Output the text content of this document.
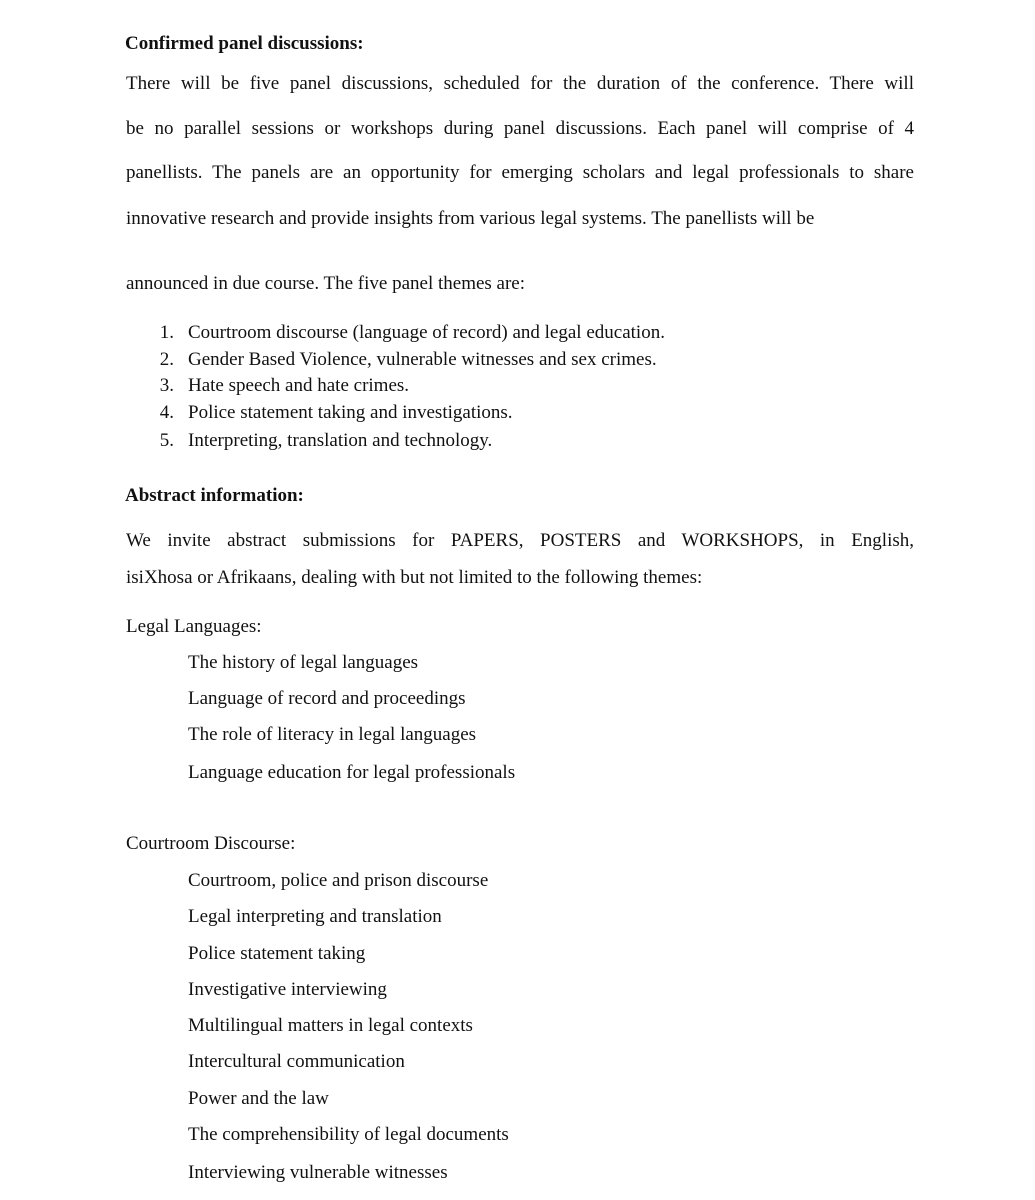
Confirmed panel discussions:
There will be five panel discussions, scheduled for the duration of the conference. There will
be no parallel sessions or workshops during panel discussions. Each panel will comprise of 4
panellists. The panels are an opportunity for emerging scholars and legal professionals to share
innovative research and provide insights from various legal systems. The panellists will be
announced in due course. The five panel themes are:
1. Courtroom discourse (language of record) and legal education.
2. Gender Based Violence, vulnerable witnesses and sex crimes.
3. Hate speech and hate crimes.
4. Police statement taking and investigations.
5. Interpreting, translation and technology.
Abstract information:
We invite abstract submissions for PAPERS, POSTERS and WORKSHOPS, in English,
isiXhosa or Afrikaans, dealing with but not limited to the following themes:
Legal Languages:
The history of legal languages
Language of record and proceedings
The role of literacy in legal languages
Language education for legal professionals
Courtroom Discourse:
Courtroom, police and prison discourse
Legal interpreting and translation
Police statement taking
Investigative interviewing
Multilingual matters in legal contexts
Intercultural communication
Power and the law
The comprehensibility of legal documents
Interviewing vulnerable witnesses
